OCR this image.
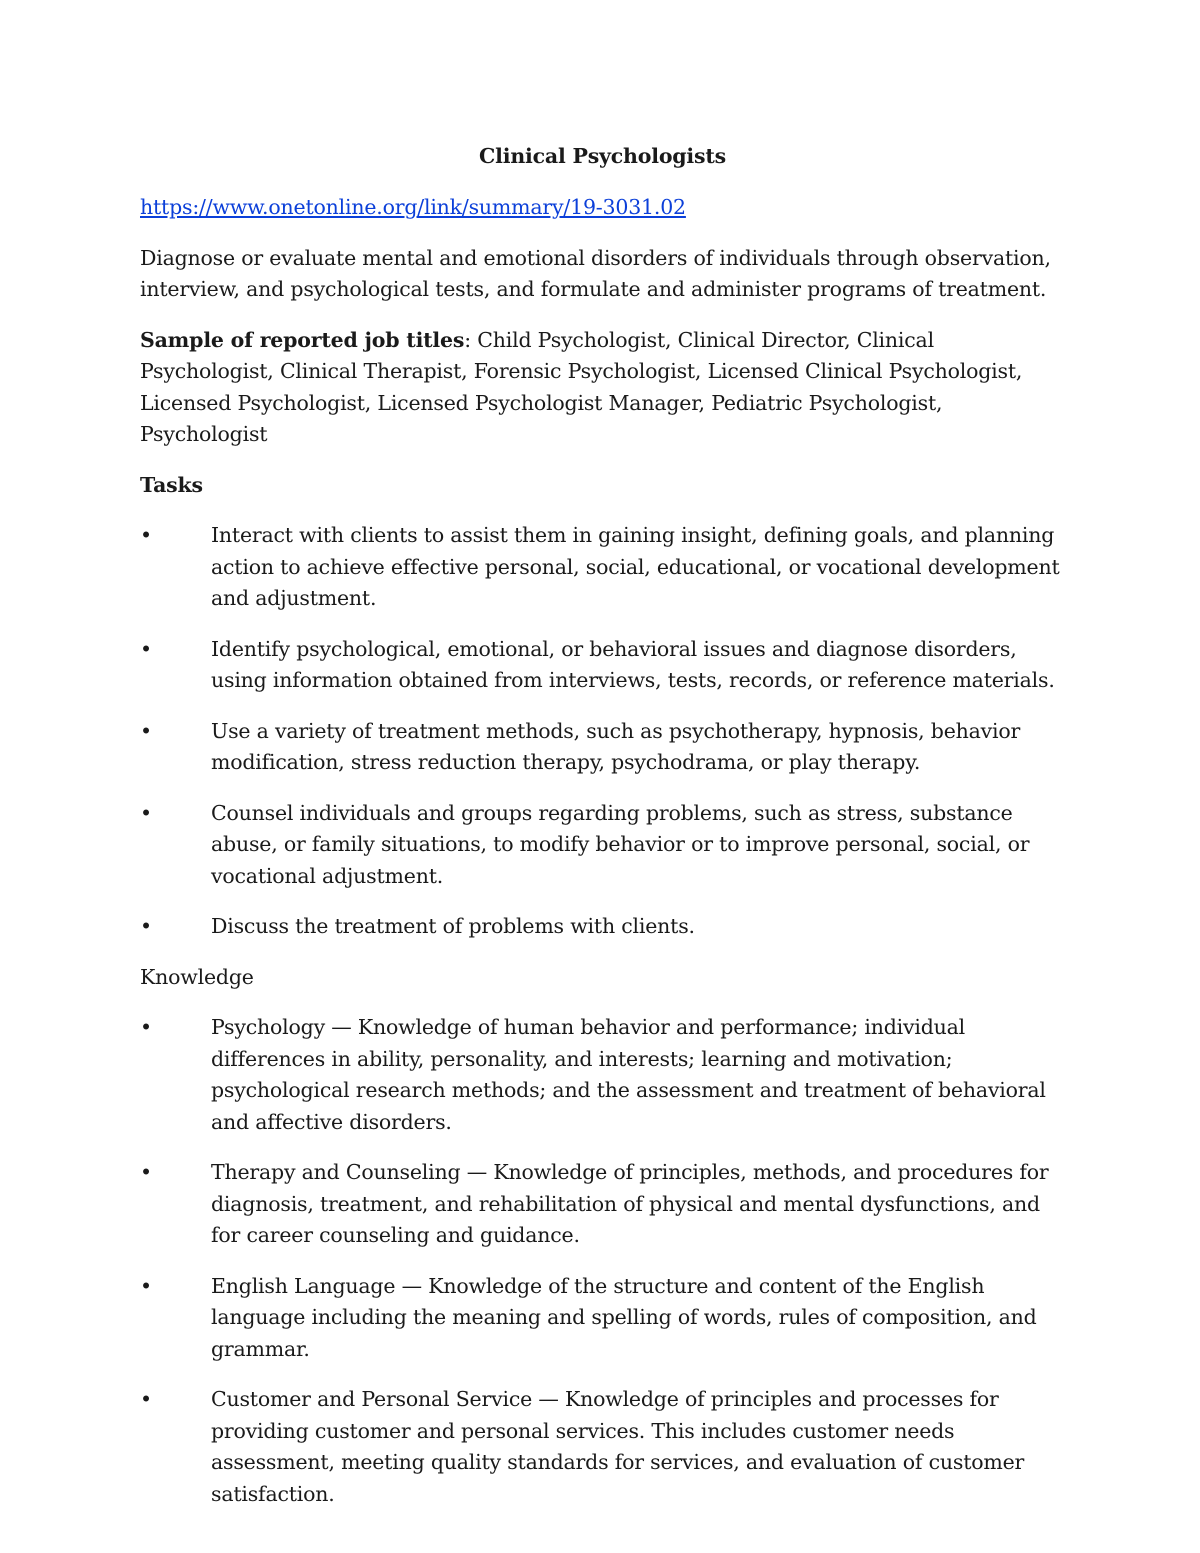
Clinical Psychologists
https://www.onetonline.org/link/summary/19-3031.02

Diagnose or evaluate mental and emotional disorders of individuals through observation, interview, and psychological tests, and formulate and administer programs of treatment.

Sample of reported job titles: Child Psychologist, Clinical Director, Clinical Psychologist, Clinical Therapist, Forensic Psychologist, Licensed Clinical Psychologist, Licensed Psychologist, Licensed Psychologist Manager, Pediatric Psychologist, Psychologist

Tasks
•	Interact with clients to assist them in gaining insight, defining goals, and planning action to achieve effective personal, social, educational, or vocational development and adjustment.
•	Identify psychological, emotional, or behavioral issues and diagnose disorders, using information obtained from interviews, tests, records, or reference materials.
•	Use a variety of treatment methods, such as psychotherapy, hypnosis, behavior modification, stress reduction therapy, psychodrama, or play therapy.
•	Counsel individuals and groups regarding problems, such as stress, substance abuse, or family situations, to modify behavior or to improve personal, social, or vocational adjustment.
•	Discuss the treatment of problems with clients.
Knowledge
•	Psychology — Knowledge of human behavior and performance; individual differences in ability, personality, and interests; learning and motivation; psychological research methods; and the assessment and treatment of behavioral and affective disorders.
•	Therapy and Counseling — Knowledge of principles, methods, and procedures for diagnosis, treatment, and rehabilitation of physical and mental dysfunctions, and for career counseling and guidance.
•	English Language — Knowledge of the structure and content of the English language including the meaning and spelling of words, rules of composition, and grammar.
•	Customer and Personal Service — Knowledge of principles and processes for providing customer and personal services. This includes customer needs assessment, meeting quality standards for services, and evaluation of customer satisfaction.
